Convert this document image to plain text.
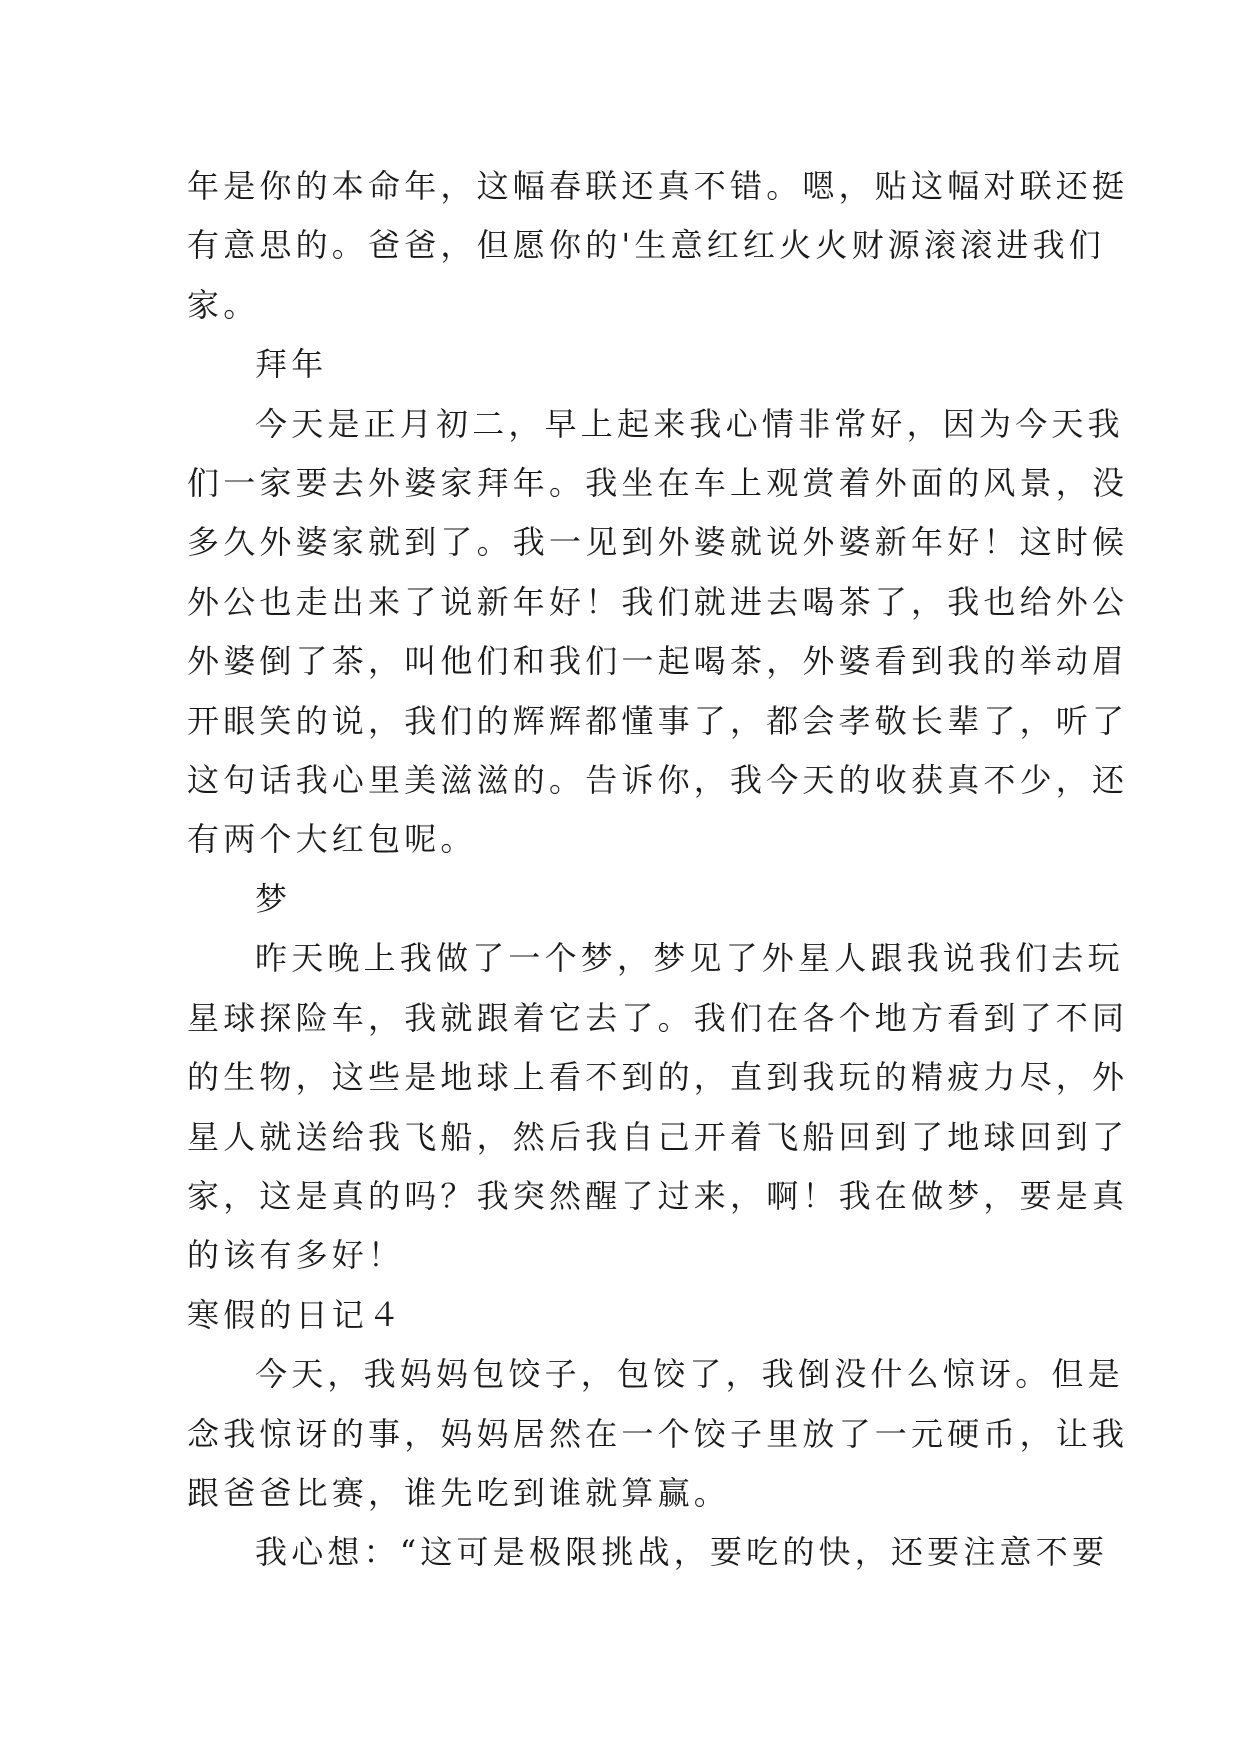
年是你的本命年，这幅春联还真不错。嗯，贴这幅对联还挺
有意思的。爸爸，但愿你的'生意红红火火财源滚滚进我们
家。
拜年
今天是正月初二，早上起来我心情非常好，因为今天我
们一家要去外婆家拜年。我坐在车上观赏着外面的风景，没
多久外婆家就到了。我一见到外婆就说外婆新年好！这时候
外公也走出来了说新年好！我们就进去喝茶了，我也给外公
外婆倒了茶，叫他们和我们一起喝茶，外婆看到我的举动眉
开眼笑的说，我们的辉辉都懂事了，都会孝敬长辈了，听了
这句话我心里美滋滋的。告诉你，我今天的收获真不少，还
有两个大红包呢。
梦
昨天晚上我做了一个梦，梦见了外星人跟我说我们去玩
星球探险车，我就跟着它去了。我们在各个地方看到了不同
的生物，这些是地球上看不到的，直到我玩的精疲力尽，外
星人就送给我飞船，然后我自己开着飞船回到了地球回到了
家，这是真的吗？我突然醒了过来，啊！我在做梦，要是真
的该有多好！
寒假的日记４
今天，我妈妈包饺子，包饺了，我倒没什么惊讶。但是
念我惊讶的事，妈妈居然在一个饺子里放了一元硬币，让我
跟爸爸比赛，谁先吃到谁就算赢。
我心想：“这可是极限挑战，要吃的快，还要注意不要
